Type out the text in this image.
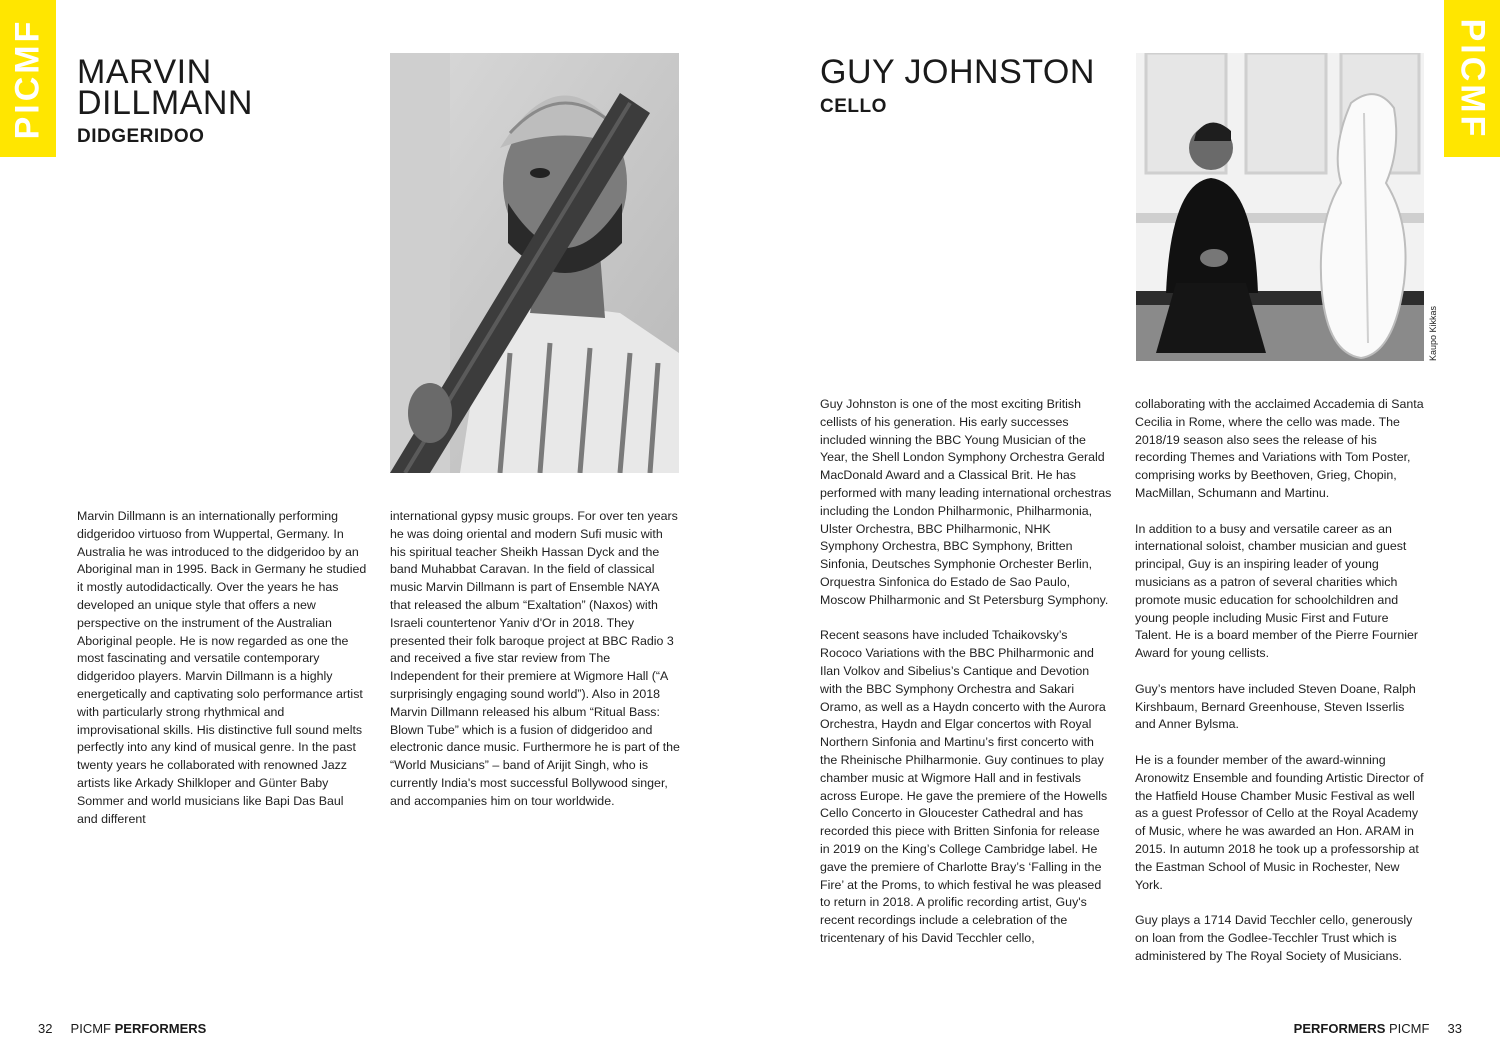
PICMF MARVIN
DILLMANN
DIDGERIDOO

Marvin Dillmann is an internationally performing didgeridoo virtuoso from Wuppertal, Germany. In Australia he was introduced to the didgeridoo by an Aboriginal man in 1995. Back in Germany he studied it mostly autodidactically. Over the years he has developed an unique style that offers a new perspective on the instrument of the Australian Aboriginal people. He is now regarded as one the most fascinating and versatile contemporary didgeridoo players. Marvin Dillmann is a highly energetically and captivating solo performance artist with particularly strong rhythmical and improvisational skills. His distinctive full sound melts perfectly into any kind of musical genre. In the past twenty years he collaborated with renowned Jazz artists like Arkady Shilkloper and Günter Baby Sommer and world musicians like Bapi Das Baul and different

international gypsy music groups. For over ten years he was doing oriental and modern Sufi music with his spiritual teacher Sheikh Hassan Dyck and the band Muhabbat Caravan. In the field of classical music Marvin Dillmann is part of Ensemble NAYA that released the album “Exaltation” (Naxos) with Israeli countertenor Yaniv d'Or in 2018. They presented their folk baroque project at BBC Radio 3 and received a five star review from The Independent for their premiere at Wigmore Hall (“A surprisingly engaging sound world”). Also in 2018 Marvin Dillmann released his album “Ritual Bass: Blown Tube” which is a fusion of didgeridoo and electronic dance music. Furthermore he is part of the “World Musicians” – band of Arijit Singh, who is currently India's most successful Bollywood singer, and accompanies him on tour worldwide.

32 PICMF PERFORMERS
PICMF
GUY JOHNSTON
CELLO
Kaupo Kikkas

Guy Johnston is one of the most exciting British cellists of his generation. His early successes included winning the BBC Young Musician of the Year, the Shell London Symphony Orchestra Gerald MacDonald Award and a Classical Brit. He has performed with many leading international orchestras including the London Philharmonic, Philharmonia, Ulster Orchestra, BBC Philharmonic, NHK Symphony Orchestra, BBC Symphony, Britten Sinfonia, Deutsches Symphonie Orchester Berlin, Orquestra Sinfonica do Estado de Sao Paulo, Moscow Philharmonic and St Petersburg Symphony.

Recent seasons have included Tchaikovsky’s Rococo Variations with the BBC Philharmonic and Ilan Volkov and Sibelius’s Cantique and Devotion with the BBC Symphony Orchestra and Sakari Oramo, as well as a Haydn concerto with the Aurora Orchestra, Haydn and Elgar concertos with Royal Northern Sinfonia and Martinu’s first concerto with the Rheinische Philharmonie. Guy continues to play chamber music at Wigmore Hall and in festivals across Europe. He gave the premiere of the Howells Cello Concerto in Gloucester Cathedral and has recorded this piece with Britten Sinfonia for release in 2019 on the King’s College Cambridge label. He gave the premiere of Charlotte Bray’s ‘Falling in the Fire’ at the Proms, to which festival he was pleased to return in 2018. A prolific recording artist, Guy's recent recordings include a celebration of the tricentenary of his David Tecchler cello,

collaborating with the acclaimed Accademia di Santa Cecilia in Rome, where the cello was made. The 2018/19 season also sees the release of his recording Themes and Variations with Tom Poster, comprising works by Beethoven, Grieg, Chopin, MacMillan, Schumann and Martinu.

In addition to a busy and versatile career as an international soloist, chamber musician and guest principal, Guy is an inspiring leader of young musicians as a patron of several charities which promote music education for schoolchildren and young people including Music First and Future Talent. He is a board member of the Pierre Fournier Award for young cellists.

Guy’s mentors have included Steven Doane, Ralph Kirshbaum, Bernard Greenhouse, Steven Isserlis and Anner Bylsma.

He is a founder member of the award-winning Aronowitz Ensemble and founding Artistic Director of the Hatfield House Chamber Music Festival as well as a guest Professor of Cello at the Royal Academy of Music, where he was awarded an Hon. ARAM in 2015. In autumn 2018 he took up a professorship at the Eastman School of Music in Rochester, New York.

Guy plays a 1714 David Tecchler cello, generously on loan from the Godlee-Tecchler Trust which is administered by The Royal Society of Musicians.

PERFORMERS PICMF 33
